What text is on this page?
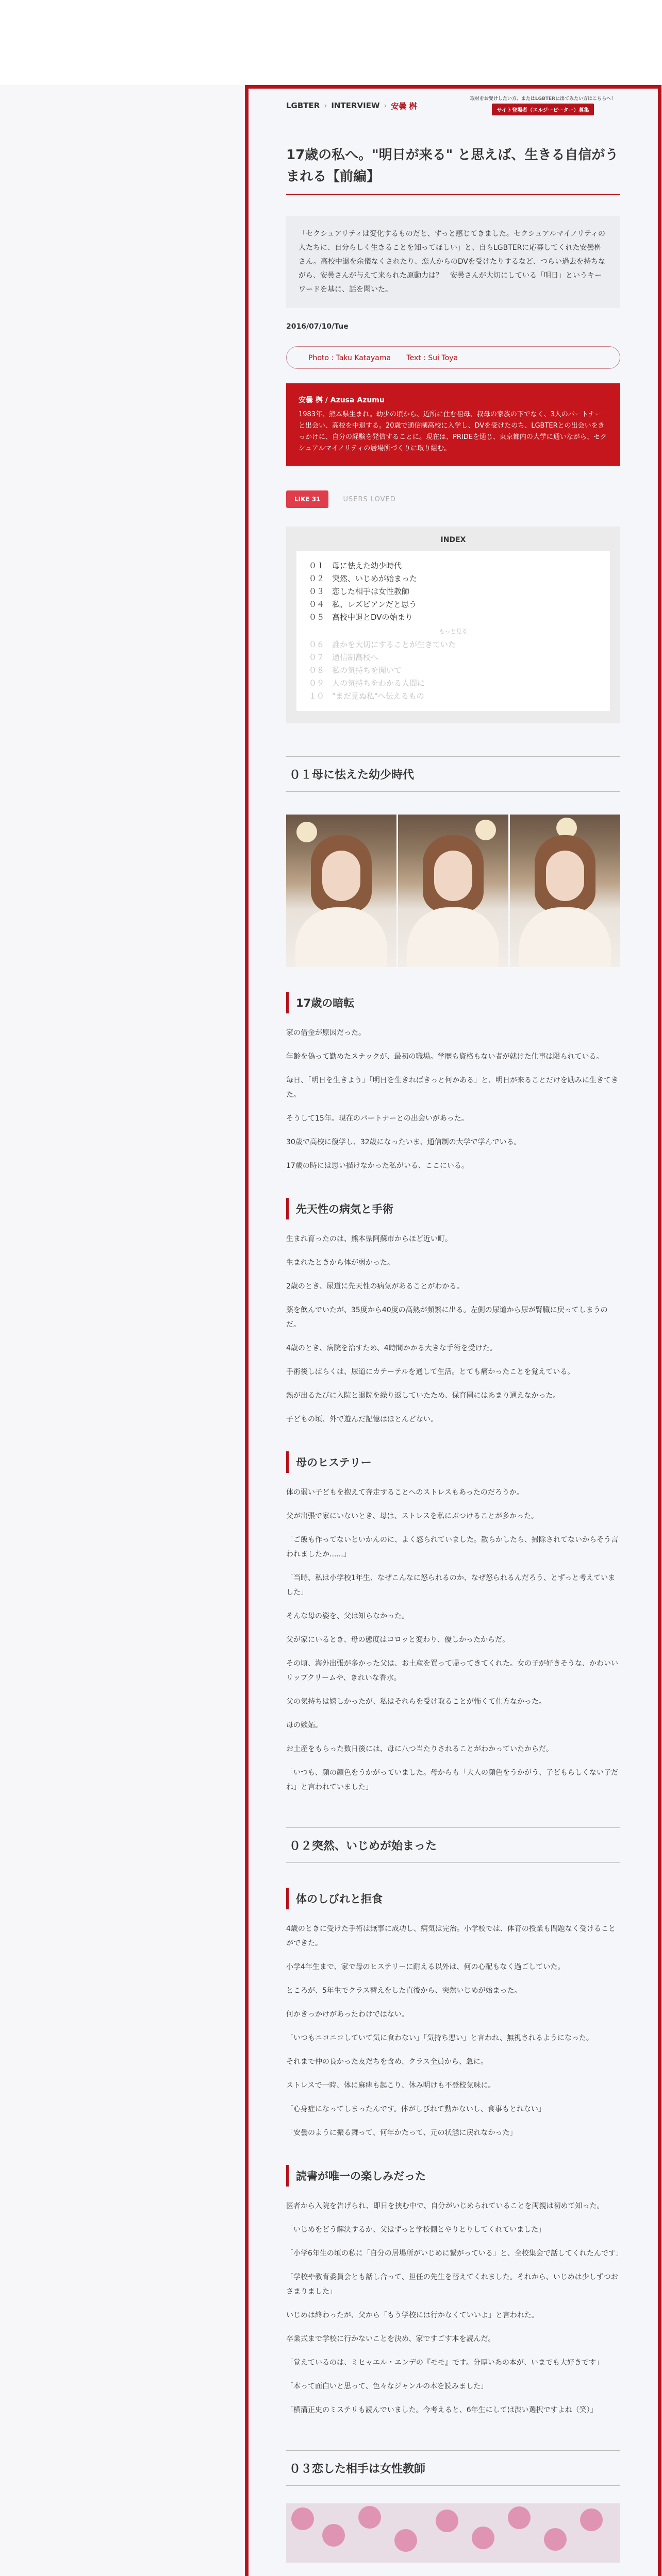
LGBTER › INTERVIEW › 安曇 桝
取材をお受けしたい方、またはLGBTERに出てみたい方はこちらへ！
サイト登場者（エルジービーター）募集
17歳の私へ。"明日が来る" と思えば、生きる自信がうまれる【前編】
「セクシュアリティは変化するものだと、ずっと感じてきました。セクシュアルマイノリティの人たちに、自分らしく生きることを知ってほしい」と、自らLGBTERに応募してくれた安曇桝さん。高校中退を余儀なくされたり、恋人からのDVを受けたりするなど、つらい過去を持ちながら、安曇さんが与えて来られた原動力は？　安曇さんが大切にしている「明日」というキーワードを基に、話を聞いた。
2016/07/10/Tue
Photo : Taku Katayama Text : Sui Toya
安曇 桝 / Azusa Azumu
1983年、熊本県生まれ。幼少の頃から、近所に住む祖母、叔母の家族の下でなく、3人のパートナーと出会い、高校を中退する。20歳で通信制高校に入学し、DVを受けたのち、LGBTERとの出会いをきっかけに、自分の経験を発信することに。現在は、PRIDEを通じ、東京都内の大学に通いながら、セクシュアルマイノリティの居場所づくりに取り組む。
LIKE 31	USERS LOVED
INDEX
０１　母に怯えた幼少時代
０２　突然、いじめが始まった
０３　恋した相手は女性教師
０４　私、レズビアンだと思う
０５　高校中退とDVの始まり
もっと見る
０６　誰かを大切にすることが生きていた
０７　通信制高校へ
０８　私の気持ちを聞いて
０９　人の気持ちをわかる人間に
１０　"まだ見ぬ私"へ伝えるもの
０１母に怯えた幼少時代
17歳の暗転

家の借金が原因だった。

年齢を偽って勤めたスナックが、最初の職場。学歴も資格もない者が就けた仕事は限られている。

毎日、「明日を生きよう」「明日を生きればきっと何かある」と、明日が来ることだけを励みに生きてきた。

そうして15年。現在のパートナーとの出会いがあった。

30歳で高校に復学し、32歳になったいま、通信制の大学で学んでいる。

17歳の時には思い描けなかった私がいる、ここにいる。

先天性の病気と手術

生まれ育ったのは、熊本県阿蘇市からほど近い町。

生まれたときから体が弱かった。

2歳のとき、尿道に先天性の病気があることがわかる。

薬を飲んでいたが、35度から40度の高熱が頻繁に出る。左側の尿道から尿が腎臓に戻ってしまうのだ。

4歳のとき、病院を治すため、4時間かかる大きな手術を受けた。

手術後しばらくは、尿道にカテーテルを通して生活。とても痛かったことを覚えている。

熱が出るたびに入院と退院を繰り返していたため、保育園にはあまり通えなかった。

子どもの頃、外で遊んだ記憶はほとんどない。

母のヒステリー

体の弱い子どもを抱えて奔走することへのストレスもあったのだろうか。

父が出張で家にいないとき、母は、ストレスを私にぶつけることが多かった。

「ご飯も作ってないといかんのに、よく怒られていました。散らかしたら、掃除されてないからそう言われましたか......」

「当時、私は小学校1年生、なぜこんなに怒られるのか、なぜ怒られるんだろう、とずっと考えていました」

そんな母の姿を、父は知らなかった。

父が家にいるとき、母の態度はコロッと変わり、優しかったからだ。

その頃、海外出張が多かった父は、お土産を買って帰ってきてくれた。女の子が好きそうな、かわいいリップクリームや、きれいな香水。

父の気持ちは嬉しかったが、私はそれらを受け取ることが怖くて仕方なかった。

母の嫉妬。

お土産をもらった数日後には、母に八つ当たりされることがわかっていたからだ。

「いつも、顔の顔色をうかがっていました。母からも「大人の顔色をうかがう、子どもらしくない子だね」と言われていました」

０２突然、いじめが始まった
体のしびれと拒食

4歳のときに受けた手術は無事に成功し、病気は完治。小学校では、体育の授業も問題なく受けることができた。

小学4年生まで、家で母のヒステリーに耐える以外は、何の心配もなく過ごしていた。

ところが、5年生でクラス替えをした直後から、突然いじめが始まった。

何かきっかけがあったわけではない。

「いつもニコニコしていて気に食わない」「気持ち悪い」と言われ、無視されるようになった。

それまで仲の良かった友だちを含め、クラス全員から、急に。

ストレスで一時、体に麻痺も起こり、休み明けも不登校気味に。

「心身症になってしまったんです。体がしびれて動かないし、食事もとれない」

「安曇のように振る舞って、何年かたって、元の状態に戻れなかった」

読書が唯一の楽しみだった

医者から入院を告げられ、即日を挟む中で、自分がいじめられていることを両親は初めて知った。

「いじめをどう解決するか、父はずっと学校側とやりとりしてくれていました」

「小学6年生の頃の私に「自分の居場所がいじめに繋がっている」と、全校集会で話してくれたんです」

「学校や教育委員会とも話し合って、担任の先生を替えてくれました。それから、いじめは少しずつおさまりました」

いじめは終わったが、父から「もう学校には行かなくていいよ」と言われた。

卒業式まで学校に行かないことを決め、家ですごす本を読んだ。

「覚えているのは、ミヒャエル・エンデの『モモ』です。分厚いあの本が、いまでも大好きです」

「本って面白いと思って、色々なジャンルの本を読みました」

「横溝正史のミステリも読んでいました。今考えると、6年生にしては渋い選択ですよね（笑）」

０３恋した相手は女性教師
